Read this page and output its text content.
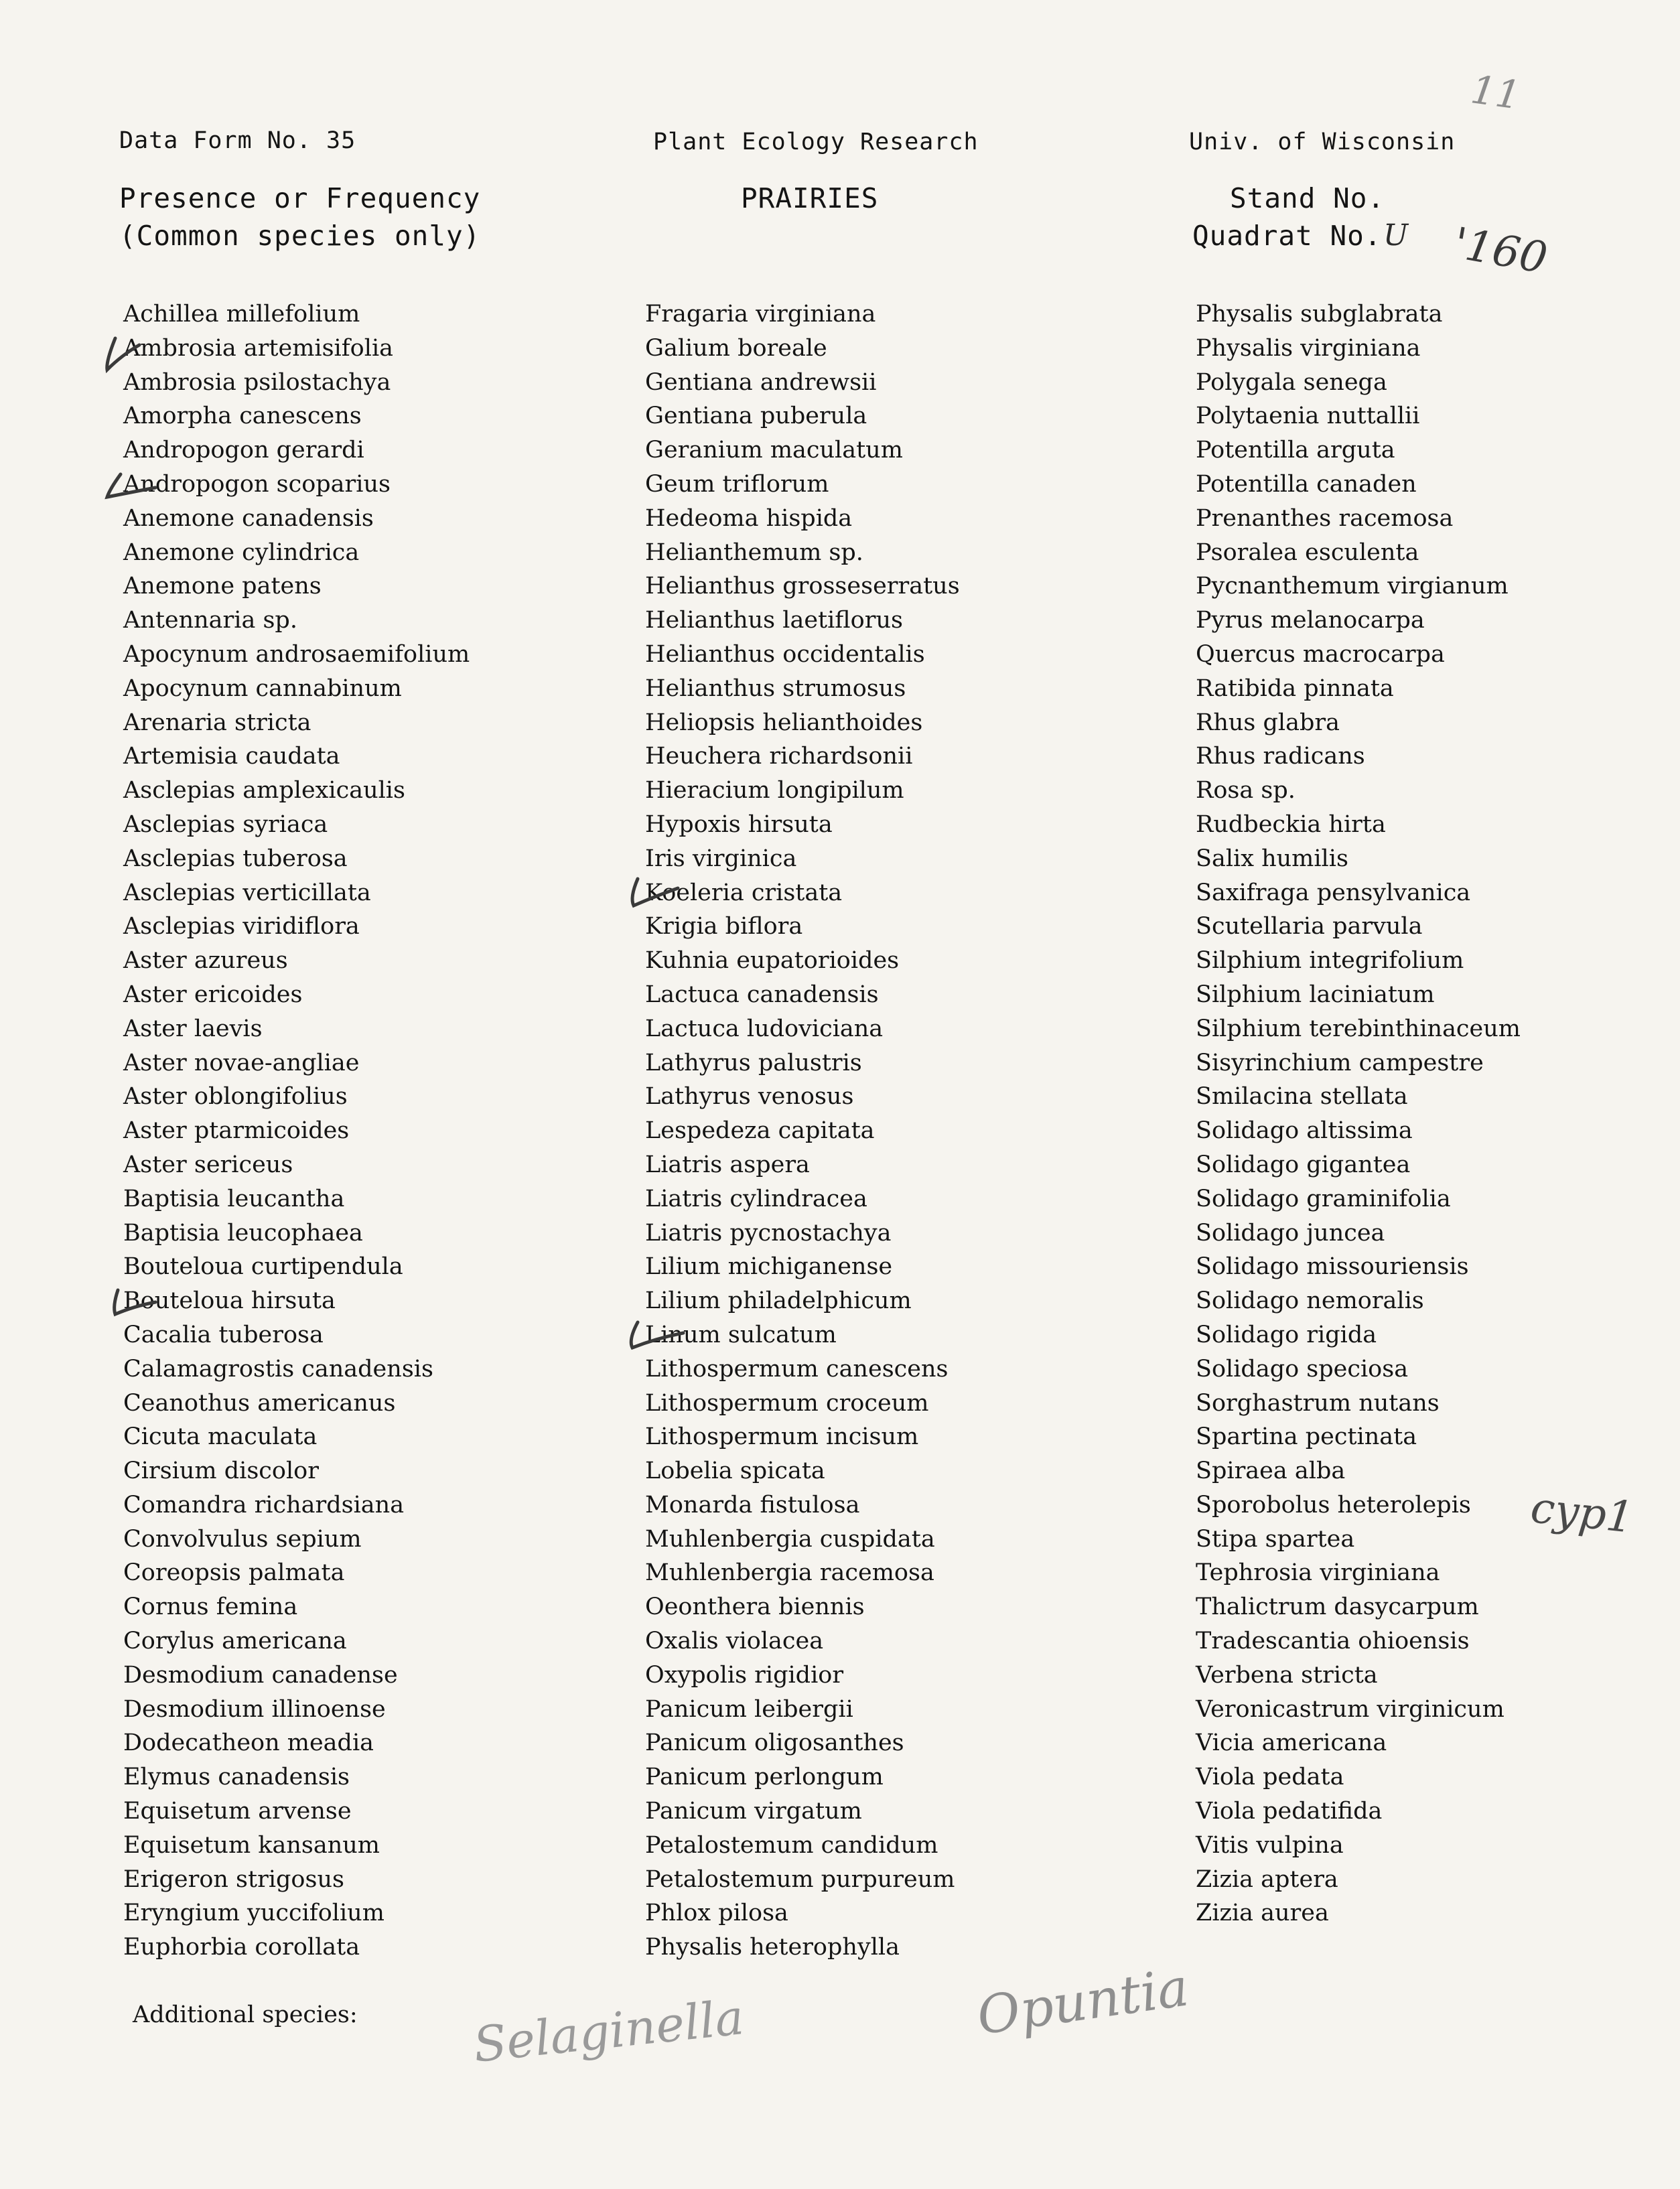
Data Form No. 35	Plant Ecology Research	Univ. of Wisconsin
Presence or Frequency
(Common species only)
PRAIRIES	Stand No.
Quadrat No.
11
U '160
cyp1
Achillea millefolium
Ambrosia artemisifolia
Ambrosia psilostachya
Amorpha canescens
Andropogon gerardi
Andropogon scoparius
Anemone canadensis
Anemone cylindrica
Anemone patens
Antennaria sp.
Apocynum androsaemifolium
Apocynum cannabinum
Arenaria stricta
Artemisia caudata
Asclepias amplexicaulis
Asclepias syriaca
Asclepias tuberosa
Asclepias verticillata
Asclepias viridiflora
Aster azureus
Aster ericoides
Aster laevis
Aster novae-angliae
Aster oblongifolius
Aster ptarmicoides
Aster sericeus
Baptisia leucantha
Baptisia leucophaea
Bouteloua curtipendula
Bouteloua hirsuta
Cacalia tuberosa
Calamagrostis canadensis
Ceanothus americanus
Cicuta maculata
Cirsium discolor
Comandra richardsiana
Convolvulus sepium
Coreopsis palmata
Cornus femina
Corylus americana
Desmodium canadense
Desmodium illinoense
Dodecatheon meadia
Elymus canadensis
Equisetum arvense
Equisetum kansanum
Erigeron strigosus
Eryngium yuccifolium
Euphorbia corollata
Fragaria virginiana
Galium boreale
Gentiana andrewsii
Gentiana puberula
Geranium maculatum
Geum triflorum
Hedeoma hispida
Helianthemum sp.
Helianthus grosseserratus
Helianthus laetiflorus
Helianthus occidentalis
Helianthus strumosus
Heliopsis helianthoides
Heuchera richardsonii
Hieracium longipilum
Hypoxis hirsuta
Iris virginica
Koeleria cristata
Krigia biflora
Kuhnia eupatorioides
Lactuca canadensis
Lactuca ludoviciana
Lathyrus palustris
Lathyrus venosus
Lespedeza capitata
Liatris aspera
Liatris cylindracea
Liatris pycnostachya
Lilium michiganense
Lilium philadelphicum
Linum sulcatum
Lithospermum canescens
Lithospermum croceum
Lithospermum incisum
Lobelia spicata
Monarda fistulosa
Muhlenbergia cuspidata
Muhlenbergia racemosa
Oeonthera biennis
Oxalis violacea
Oxypolis rigidior
Panicum leibergii
Panicum oligosanthes
Panicum perlongum
Panicum virgatum
Petalostemum candidum
Petalostemum purpureum
Phlox pilosa
Physalis heterophylla
Physalis subglabrata
Physalis virginiana
Polygala senega
Polytaenia nuttallii
Potentilla arguta
Potentilla canaden
Prenanthes racemosa
Psoralea esculenta
Pycnanthemum virgianum
Pyrus melanocarpa
Quercus macrocarpa
Ratibida pinnata
Rhus glabra
Rhus radicans
Rosa sp.
Rudbeckia hirta
Salix humilis
Saxifraga pensylvanica
Scutellaria parvula
Silphium integrifolium
Silphium laciniatum
Silphium terebinthinaceum
Sisyrinchium campestre
Smilacina stellata
Solidago altissima
Solidago gigantea
Solidago graminifolia
Solidago juncea
Solidago missouriensis
Solidago nemoralis
Solidago rigida
Solidago speciosa
Sorghastrum nutans
Spartina pectinata
Spiraea alba
Sporobolus heterolepis
Stipa spartea
Tephrosia virginiana
Thalictrum dasycarpum
Tradescantia ohioensis
Verbena stricta
Veronicastrum virginicum
Vicia americana
Viola pedata
Viola pedatifida
Vitis vulpina
Zizia aptera
Zizia aurea
Additional species: Selaginella	Opuntia
